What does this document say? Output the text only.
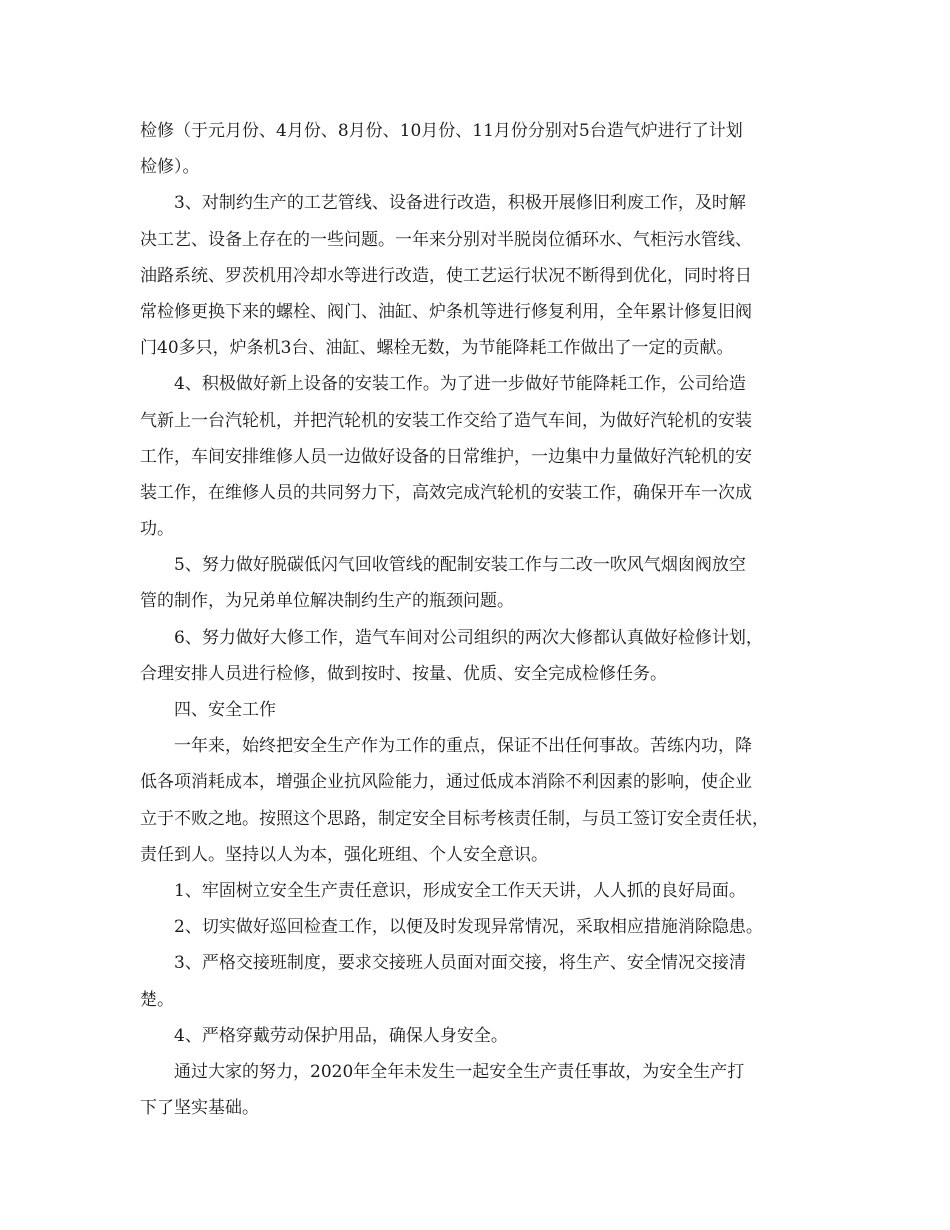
检修（于元月份、4月份、8月份、10月份、11月份分别对5台造气炉进行了计划
检修）。
3、对制约生产的工艺管线、设备进行改造，积极开展修旧利废工作，及时解
决工艺、设备上存在的一些问题。一年来分别对半脱岗位循环水、气柜污水管线、
油路系统、罗茨机用冷却水等进行改造，使工艺运行状况不断得到优化，同时将日
常检修更换下来的螺栓、阀门、油缸、炉条机等进行修复利用，全年累计修复旧阀
门40多只，炉条机3台、油缸、螺栓无数，为节能降耗工作做出了一定的贡献。
4、积极做好新上设备的安装工作。为了进一步做好节能降耗工作，公司给造
气新上一台汽轮机，并把汽轮机的安装工作交给了造气车间，为做好汽轮机的安装
工作，车间安排维修人员一边做好设备的日常维护，一边集中力量做好汽轮机的安
装工作，在维修人员的共同努力下，高效完成汽轮机的安装工作，确保开车一次成
功。
5、努力做好脱碳低闪气回收管线的配制安装工作与二改一吹风气烟囱阀放空
管的制作，为兄弟单位解决制约生产的瓶颈问题。
6、努力做好大修工作，造气车间对公司组织的两次大修都认真做好检修计划，
合理安排人员进行检修，做到按时、按量、优质、安全完成检修任务。
四、安全工作
一年来，始终把安全生产作为工作的重点，保证不出任何事故。苦练内功，降
低各项消耗成本，增强企业抗风险能力，通过低成本消除不利因素的影响，使企业
立于不败之地。按照这个思路，制定安全目标考核责任制，与员工签订安全责任状，
责任到人。坚持以人为本，强化班组、个人安全意识。
1、牢固树立安全生产责任意识，形成安全工作天天讲，人人抓的良好局面。
2、切实做好巡回检查工作，以便及时发现异常情况，采取相应措施消除隐患。
3、严格交接班制度，要求交接班人员面对面交接，将生产、安全情况交接清
楚。
4、严格穿戴劳动保护用品，确保人身安全。
通过大家的努力，2020年全年未发生一起安全生产责任事故，为安全生产打
下了坚实基础。
